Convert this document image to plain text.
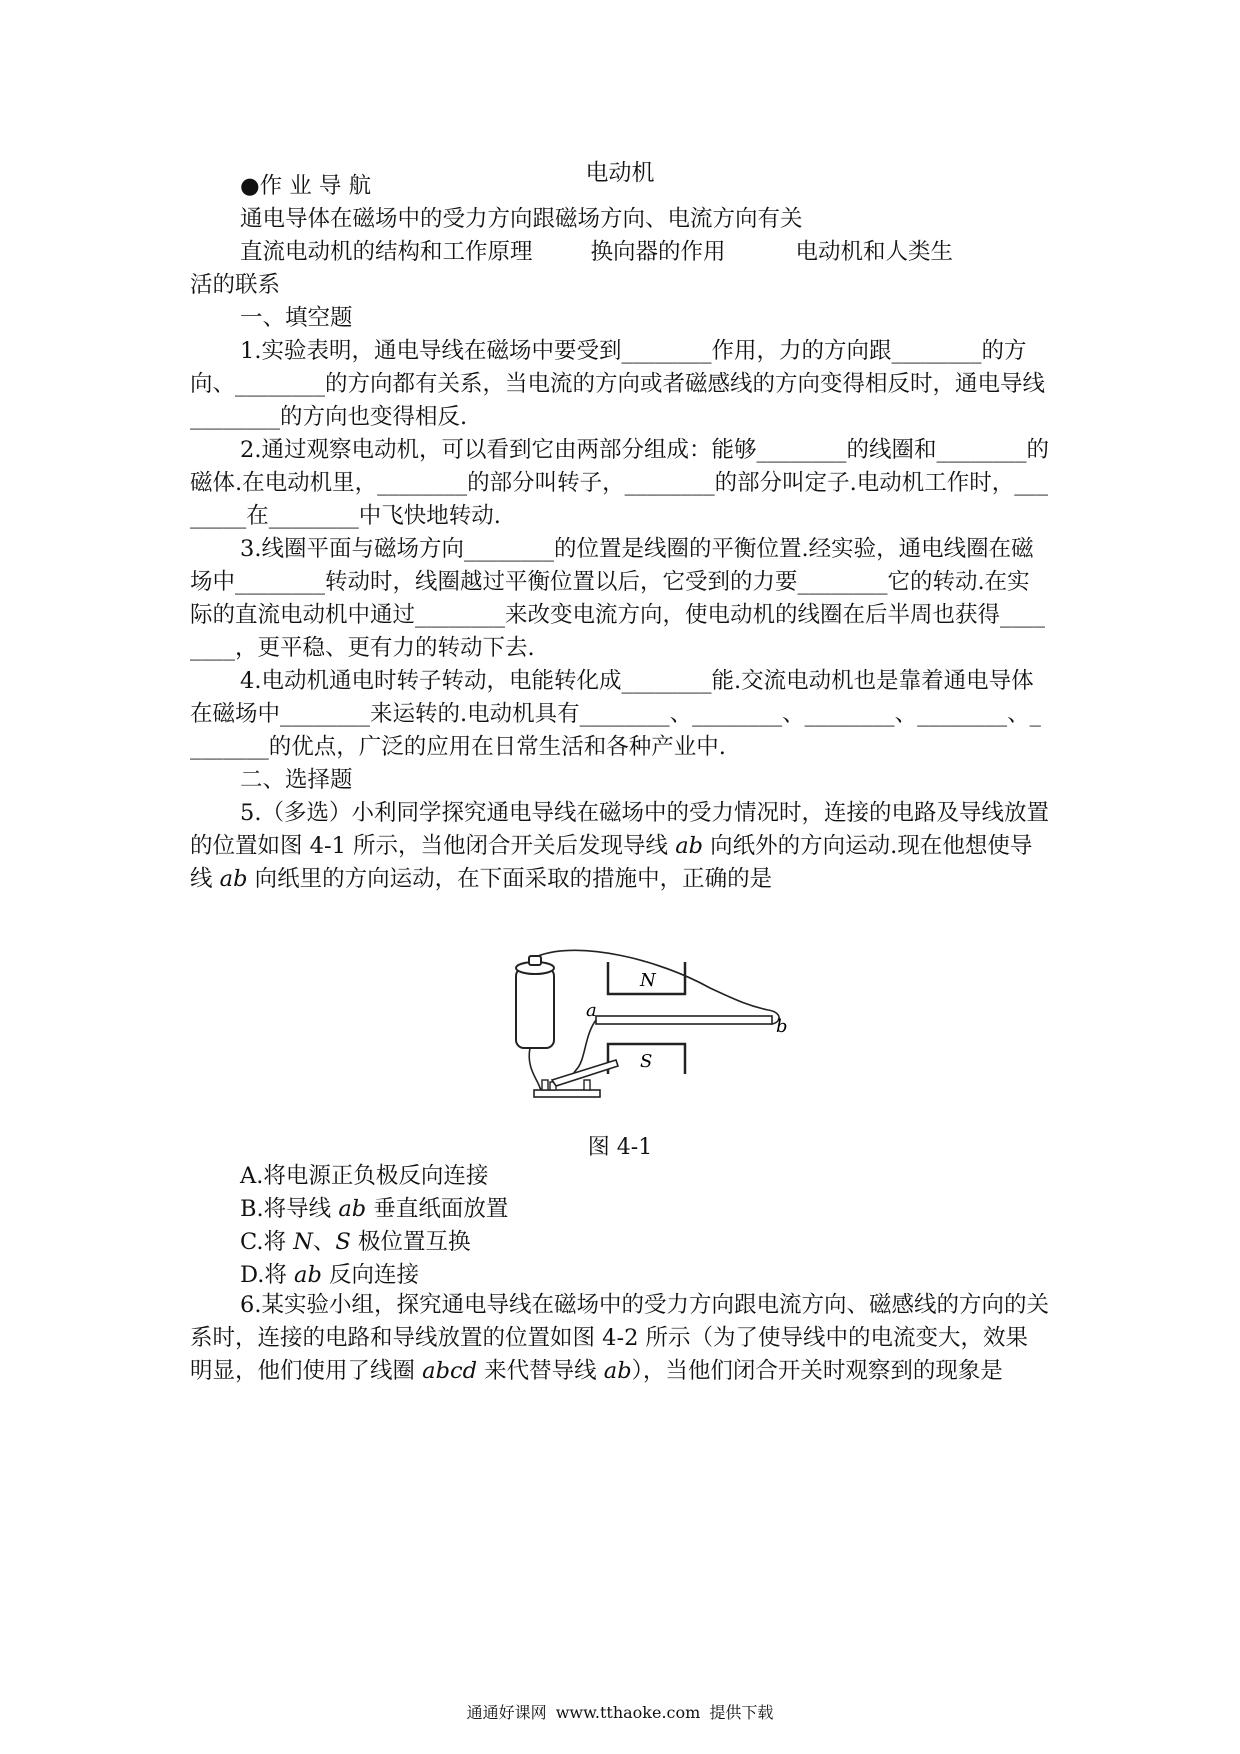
电动机

●作 业 导 航

通电导体在磁场中的受力方向跟磁场方向、电流方向有关

直流电动机的结构和工作原理	换向器的作用	电动机和人类生

活的联系

一、填空题

1.实验表明，通电导线在磁场中要受到________作用，力的方向跟________的方向、________的方向都有关系，当电流的方向或者磁感线的方向变得相反时，通电导线________的方向也变得相反.

2.通过观察电动机，可以看到它由两部分组成：能够________的线圈和________的磁体.在电动机里，________的部分叫转子，________的部分叫定子.电动机工作时，________在________中飞快地转动.

3.线圈平面与磁场方向________的位置是线圈的平衡位置.经实验，通电线圈在磁场中________转动时，线圈越过平衡位置以后，它受到的力要________它的转动.在实际的直流电动机中通过________来改变电流方向，使电动机的线圈在后半周也获得________，更平稳、更有力的转动下去.

4.电动机通电时转子转动，电能转化成________能.交流电动机也是靠着通电导体在磁场中________来运转的.电动机具有________、________、________、________、________的优点，广泛的应用在日常生活和各种产业中.

二、选择题

5.（多选）小利同学探究通电导线在磁场中的受力情况时，连接的电路及导线放置的位置如图 4-1 所示，当他闭合开关后发现导线 ab 向纸外的方向运动.现在他想使导线 ab 向纸里的方向运动，在下面采取的措施中，正确的是

N
a
b
S
图 4-1
A.将电源正负极反向连接
B.将导线 ab 垂直纸面放置
C.将 N、S 极位置互换
D.将 ab 反向连接

6.某实验小组，探究通电导线在磁场中的受力方向跟电流方向、磁感线的方向的关系时，连接的电路和导线放置的位置如图 4-2 所示（为了使导线中的电流变大，效果明显，他们使用了线圈 abcd 来代替导线 ab），当他们闭合开关时观察到的现象是

通通好课网 www.tthaoke.com 提供下载
